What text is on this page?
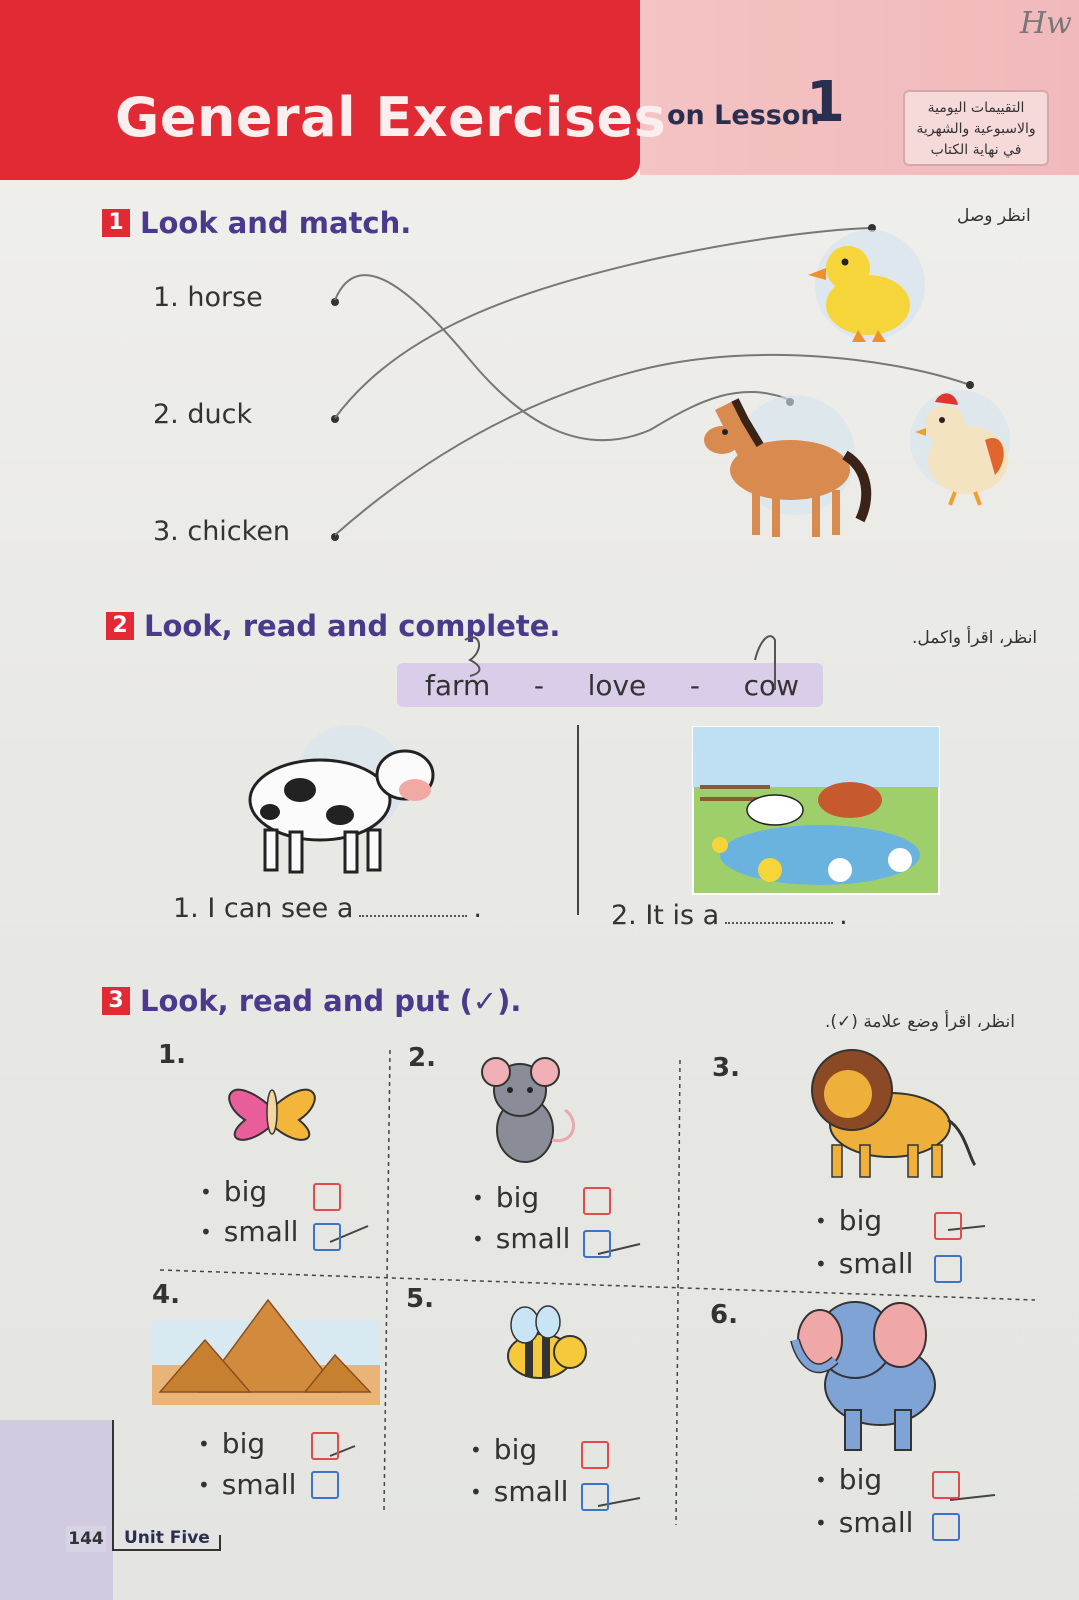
General Exercises on Lesson
1	التقييمات اليومية
والاسبوعية والشهرية
في نهاية الكتاب
Hw
1 Look and match.	انظر وصل
1. horse
2. duck
3. chicken
2 Look, read and complete.	انظر، اقرأ واكمل.
farm - love - cow
1. I can see a	.	2. It is a	.
3 Look, read and put (✓).
انظر، اقرأ وضع علامة (✓).
1.	2.	3.
4.	5.
6.
• big
• small
• big
• small
• big
• small
• big
• small
• big
• small	• big
• small
144 Unit Five
